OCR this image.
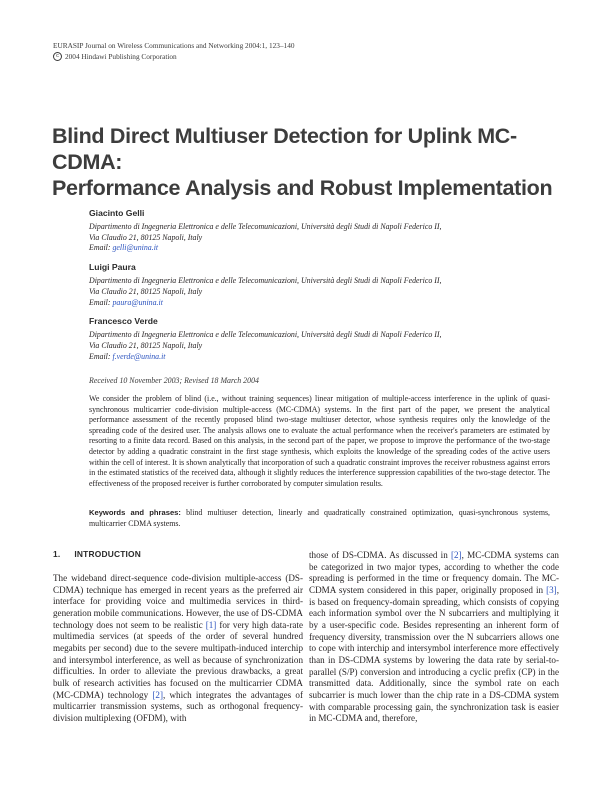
EURASIP Journal on Wireless Communications and Networking 2004:1, 123–140
c 2004 Hindawi Publishing Corporation
Blind Direct Multiuser Detection for Uplink MC-CDMA:
Performance Analysis and Robust Implementation
Giacinto Gelli
Dipartimento di Ingegneria Elettronica e delle Telecomunicazioni, Università degli Studi di Napoli Federico II,
Via Claudio 21, 80125 Napoli, Italy
Email: gelli@unina.it
Luigi Paura
Dipartimento di Ingegneria Elettronica e delle Telecomunicazioni, Università degli Studi di Napoli Federico II,
Via Claudio 21, 80125 Napoli, Italy
Email: paura@unina.it
Francesco Verde
Dipartimento di Ingegneria Elettronica e delle Telecomunicazioni, Università degli Studi di Napoli Federico II,
Via Claudio 21, 80125 Napoli, Italy
Email: f.verde@unina.it
Received 10 November 2003; Revised 18 March 2004
We consider the problem of blind (i.e., without training sequences) linear mitigation of multiple-access interference in the uplink of quasi-synchronous multicarrier code-division multiple-access (MC-CDMA) systems. In the first part of the paper, we present the analytical performance assessment of the recently proposed blind two-stage multiuser detector, whose synthesis requires only the knowledge of the spreading code of the desired user. The analysis allows one to evaluate the actual performance when the receiver's parameters are estimated by resorting to a finite data record. Based on this analysis, in the second part of the paper, we propose to improve the performance of the two-stage detector by adding a quadratic constraint in the first stage synthesis, which exploits the knowledge of the spreading codes of the active users within the cell of interest. It is shown analytically that incorporation of such a quadratic constraint improves the receiver robustness against errors in the estimated statistics of the received data, although it slightly reduces the interference suppression capabilities of the two-stage detector. The effectiveness of the proposed receiver is further corroborated by computer simulation results.
Keywords and phrases: blind multiuser detection, linearly and quadratically constrained optimization, quasi-synchronous systems, multicarrier CDMA systems.
1. INTRODUCTION
The wideband direct-sequence code-division multiple-access (DS-CDMA) technique has emerged in recent years as the preferred air interface for providing voice and multimedia services in third-generation mobile communications. However, the use of DS-CDMA technology does not seem to be realistic [1] for very high data-rate multimedia services (at speeds of the order of several hundred megabits per second) due to the severe multipath-induced interchip and intersymbol interference, as well as because of synchronization difficulties. In order to alleviate the previous drawbacks, a great bulk of research activities has focused on the multicarrier CDMA (MC-CDMA) technology [2], which integrates the advantages of multicarrier transmission systems, such as orthogonal frequency-division multiplexing (OFDM), with
those of DS-CDMA. As discussed in [2], MC-CDMA systems can be categorized in two major types, according to whether the code spreading is performed in the time or frequency domain. The MC-CDMA system considered in this paper, originally proposed in [3], is based on frequency-domain spreading, which consists of copying each information symbol over the N subcarriers and multiplying it by a user-specific code. Besides representing an inherent form of frequency diversity, transmission over the N subcarriers allows one to cope with interchip and intersymbol interference more effectively than in DS-CDMA systems by lowering the data rate by serial-to-parallel (S/P) conversion and introducing a cyclic prefix (CP) in the transmitted data. Additionally, since the symbol rate on each subcarrier is much lower than the chip rate in a DS-CDMA system with comparable processing gain, the synchronization task is easier in MC-CDMA and, therefore,
